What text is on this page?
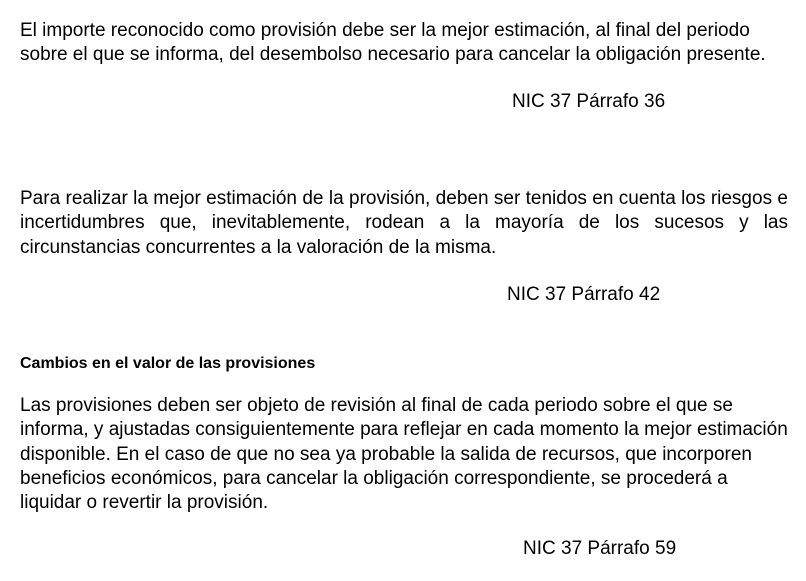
El importe reconocido como provisión debe ser la mejor estimación, al final del periodo sobre el que se informa, del desembolso necesario para cancelar la obligación presente.

NIC 37 Párrafo 36

Para realizar la mejor estimación de la provisión, deben ser tenidos en cuenta los riesgos e incertidumbres que, inevitablemente, rodean a la mayoría de los sucesos y las circunstancias concurrentes a la valoración de la misma.

NIC 37 Párrafo 42
Cambios en el valor de las provisiones

Las provisiones deben ser objeto de revisión al final de cada periodo sobre el que se informa, y ajustadas consiguientemente para reflejar en cada momento la mejor estimación disponible. En el caso de que no sea ya probable la salida de recursos, que incorporen beneficios económicos, para cancelar la obligación correspondiente, se procederá a liquidar o revertir la provisión.

NIC 37 Párrafo 59
